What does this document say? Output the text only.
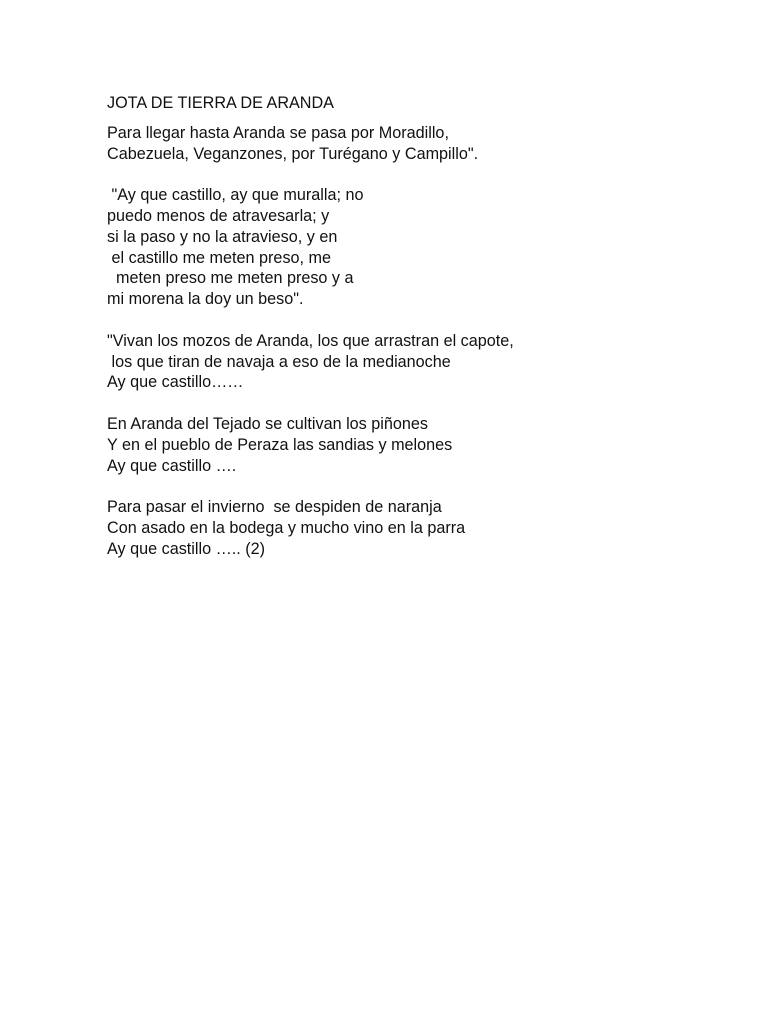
JOTA DE TIERRA DE ARANDA
Para llegar hasta Aranda se pasa por Moradillo,
Cabezuela, Veganzones, por Turégano y Campillo".
"Ay que castillo, ay que muralla; no
puedo menos de atravesarla; y
si la paso y no la atravieso, y en
el castillo me meten preso, me
meten preso me meten preso y a
mi morena la doy un beso".
"Vivan los mozos de Aranda, los que arrastran el capote,
los que tiran de navaja a eso de la medianoche
Ay que castillo……
En Aranda del Tejado se cultivan los piñones
Y en el pueblo de Peraza las sandias y melones
Ay que castillo ….
Para pasar el invierno  se despiden de naranja
Con asado en la bodega y mucho vino en la parra
Ay que castillo ….. (2)
